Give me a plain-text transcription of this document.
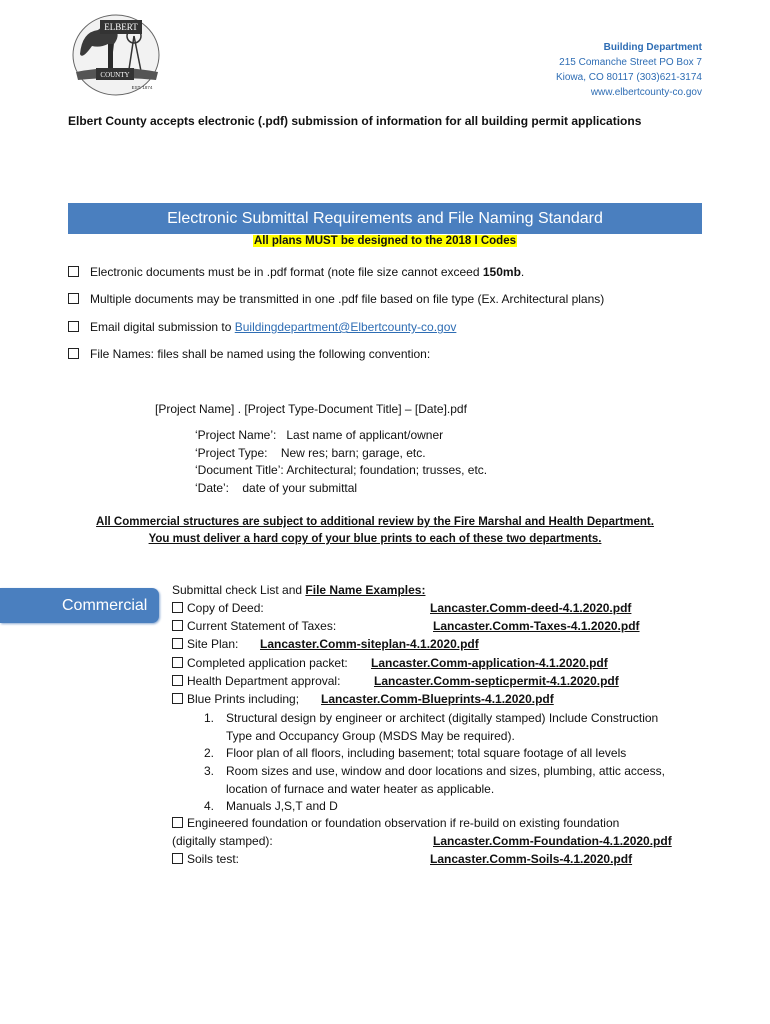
ELBERT
COUNTY
EST. 1874
Building Department
215 Comanche Street PO Box 7
Kiowa, CO 80117 (303)621-3174
www.elbertcounty-co.gov
Elbert County accepts electronic (.pdf) submission of information for all building permit applications
Electronic Submittal Requirements and File Naming Standard
All plans MUST be designed to the 2018 I Codes
Electronic documents must be in .pdf format (note file size cannot exceed 150mb.
Multiple documents may be transmitted in one .pdf file based on file type (Ex. Architectural plans)
Email digital submission to Buildingdepartment@Elbertcounty-co.gov
File Names: files shall be named using the following convention:
[Project Name] . [Project Type-Document Title] – [Date].pdf
‘Project Name’:   Last name of applicant/owner
‘Project Type:    New res; barn; garage, etc.
‘Document Title’: Architectural; foundation; trusses, etc.
‘Date’:    date of your submittal
All Commercial structures are subject to additional review by the Fire Marshal and Health Department.
You must deliver a hard copy of your blue prints to each of these two departments.
Commercial
Submittal check List and File Name Examples:
Copy of Deed:	Lancaster.Comm-deed-4.1.2020.pdf
Current Statement of Taxes:	Lancaster.Comm-Taxes-4.1.2020.pdf
Site Plan: Lancaster.Comm-siteplan-4.1.2020.pdf
Completed application packet: Lancaster.Comm-application-4.1.2020.pdf
Health Department approval:	Lancaster.Comm-septicpermit-4.1.2020.pdf
Blue Prints including; Lancaster.Comm-Blueprints-4.1.2020.pdf
1. Structural design by engineer or architect (digitally stamped) Include Construction
Type and Occupancy Group (MSDS May be required).
2. Floor plan of all floors, including basement; total square footage of all levels
3. Room sizes and use, window and door locations and sizes, plumbing, attic access,
location of furnace and water heater as applicable.
4. Manuals J,S,T and D
Engineered foundation or foundation observation if re-build on existing foundation
(digitally stamped):	Lancaster.Comm-Foundation-4.1.2020.pdf
Soils test:	Lancaster.Comm-Soils-4.1.2020.pdf
